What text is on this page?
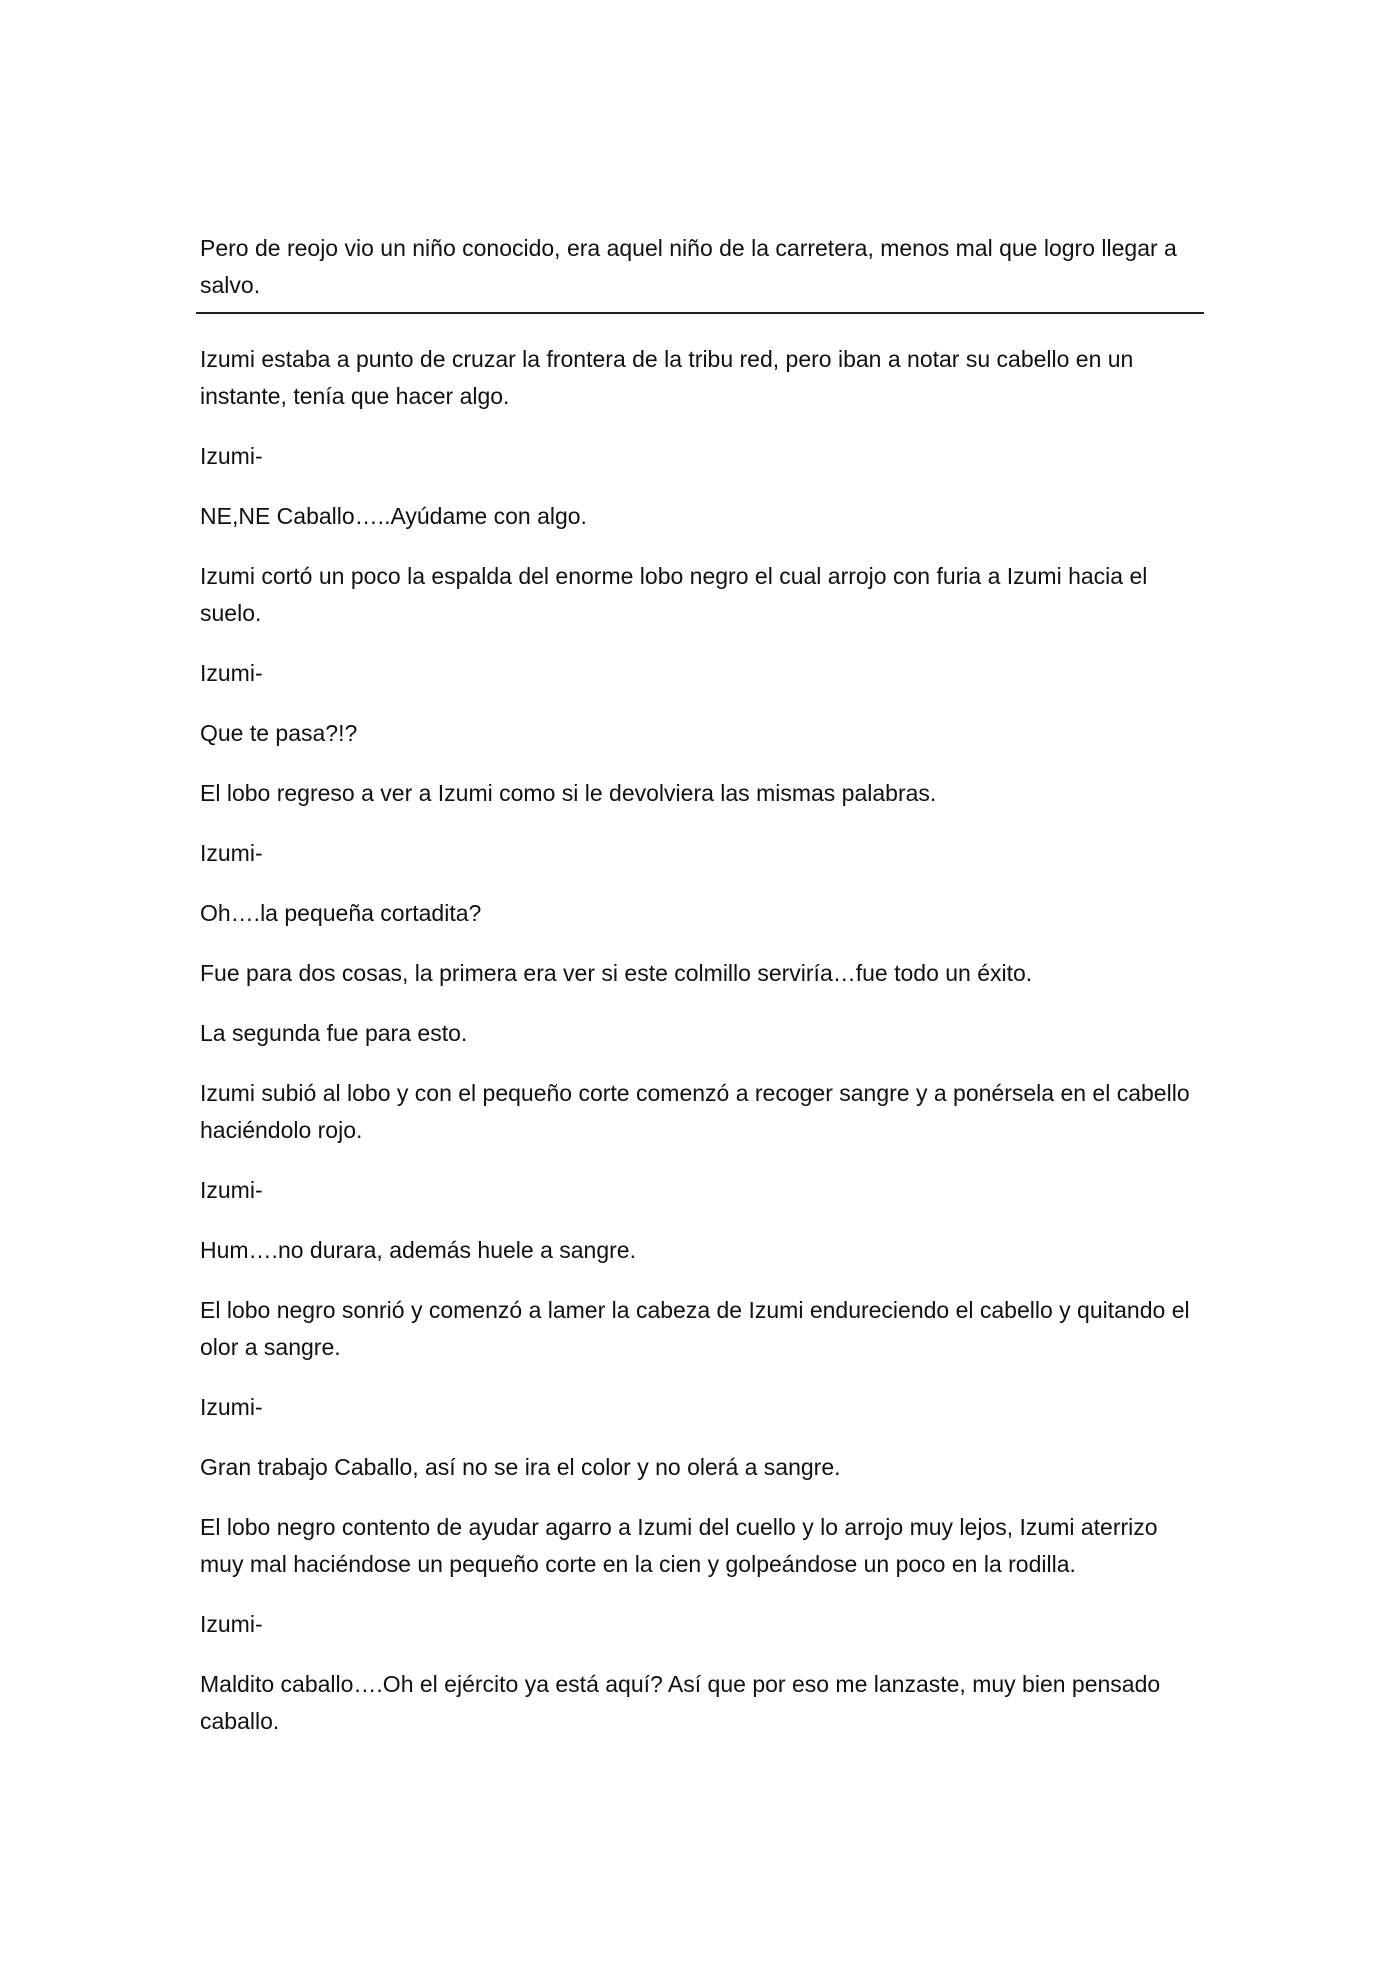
Pero de reojo vio un niño conocido, era aquel niño de la carretera, menos mal que logro llegar a salvo.

Izumi estaba a punto de cruzar la frontera de la tribu red, pero iban a notar su cabello en un instante, tenía que hacer algo.

Izumi-

NE,NE Caballo…..Ayúdame con algo.

Izumi cortó un poco la espalda del enorme lobo negro el cual arrojo con furia a Izumi hacia el suelo.

Izumi-

Que te pasa?!?

El lobo regreso a ver a Izumi como si le devolviera las mismas palabras.

Izumi-

Oh….la pequeña cortadita?

Fue para dos cosas, la primera era ver si este colmillo serviría…fue todo un éxito.

La segunda fue para esto.

Izumi subió al lobo y con el pequeño corte comenzó a recoger sangre y a ponérsela en el cabello haciéndolo rojo.

Izumi-

Hum….no durara, además huele a sangre.

El lobo negro sonrió y comenzó a lamer la cabeza de Izumi endureciendo el cabello y quitando el olor a sangre.

Izumi-

Gran trabajo Caballo, así no se ira el color y no olerá a sangre.

El lobo negro contento de ayudar agarro a Izumi del cuello y lo arrojo muy lejos, Izumi aterrizo muy mal haciéndose un pequeño corte en la cien y golpeándose un poco en la rodilla.

Izumi-

Maldito caballo….Oh el ejército ya está aquí? Así que por eso me lanzaste, muy bien pensado caballo.
